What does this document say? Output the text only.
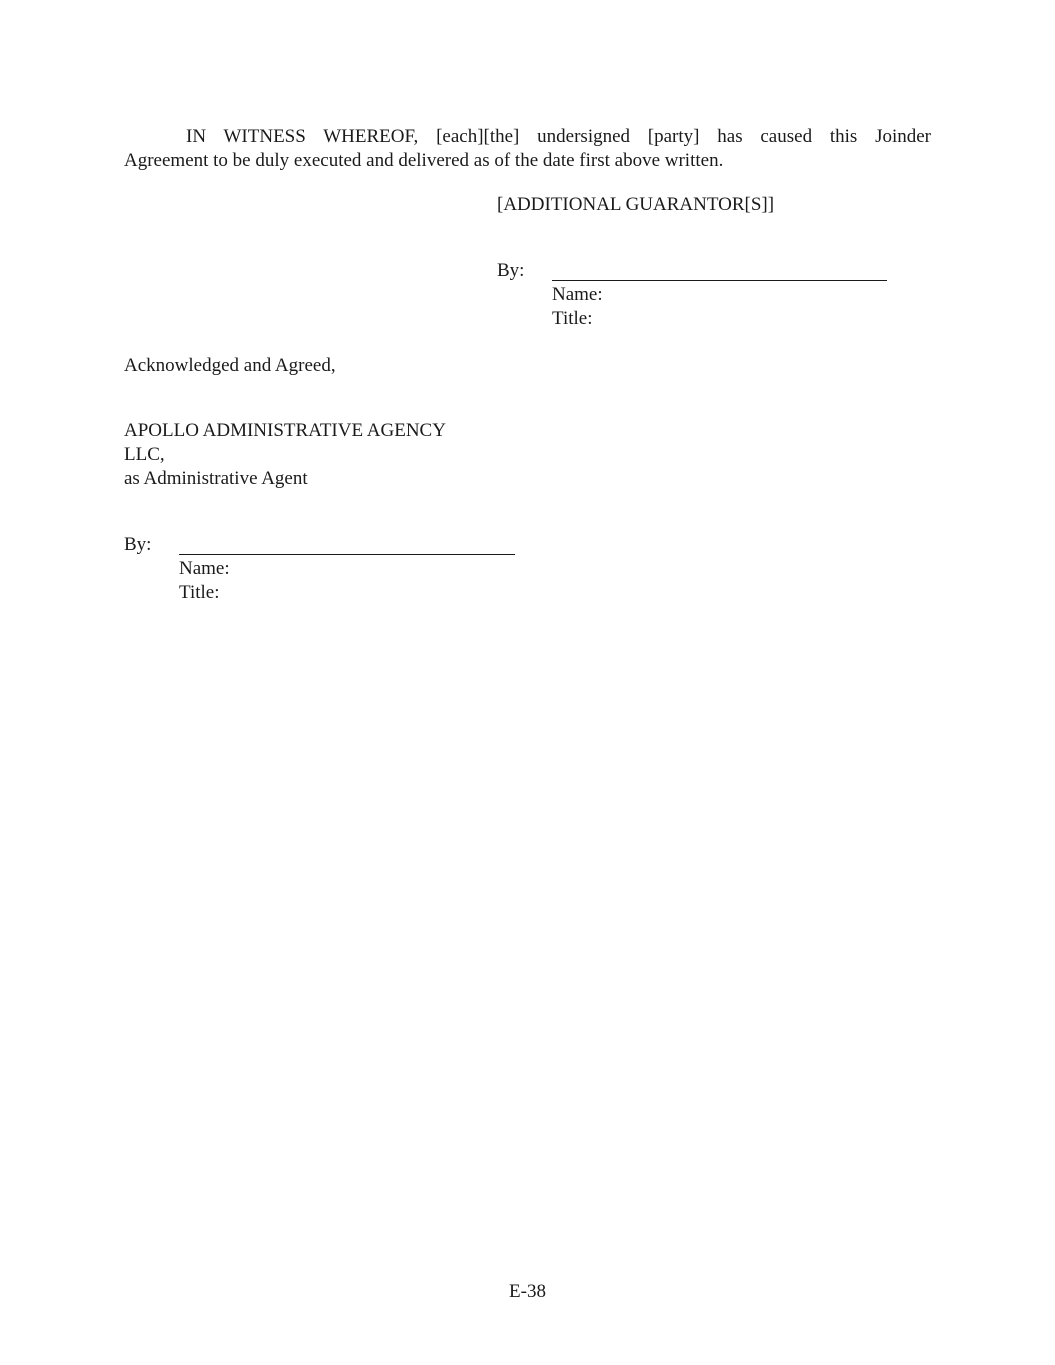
IN WITNESS WHEREOF, [each][the] undersigned [party] has caused this Joinder
Agreement to be duly executed and delivered as of the date first above written.
[ADDITIONAL GUARANTOR[S]]
By:
Name:
Title:
Acknowledged and Agreed,
APOLLO ADMINISTRATIVE AGENCY
LLC,
as Administrative Agent
By:
Name:
Title:
E-38
